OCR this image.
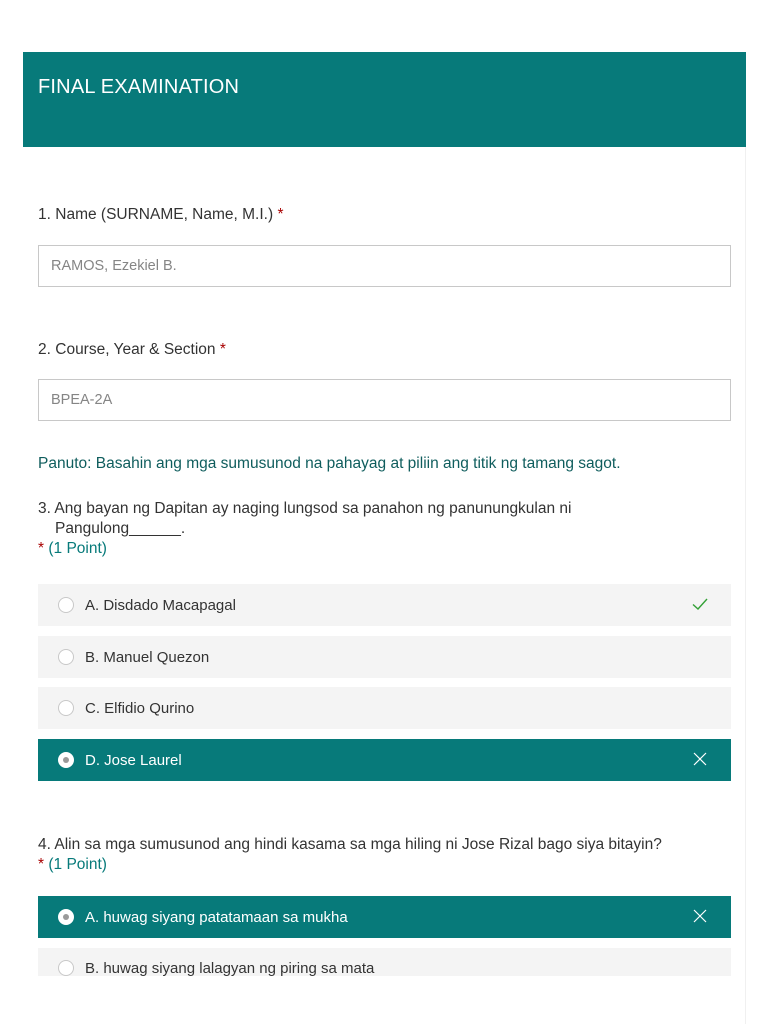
FINAL EXAMINATION
1. Name (SURNAME, Name, M.I.) *
RAMOS, Ezekiel B.
2. Course, Year & Section *
BPEA-2A
Panuto: Basahin ang mga sumusunod na pahayag at piliin ang titik ng tamang sagot.
3. Ang bayan ng Dapitan ay naging lungsod sa panahon ng panunungkulan ni
Pangulong______.
* (1 Point)
A. Disdado Macapagal
B. Manuel Quezon
C. Elfidio Qurino
D. Jose Laurel
4. Alin sa mga sumusunod ang hindi kasama sa mga hiling ni Jose Rizal bago siya bitayin?
* (1 Point)
A. huwag siyang patatamaan sa mukha
B. huwag siyang lalagyan ng piring sa mata
